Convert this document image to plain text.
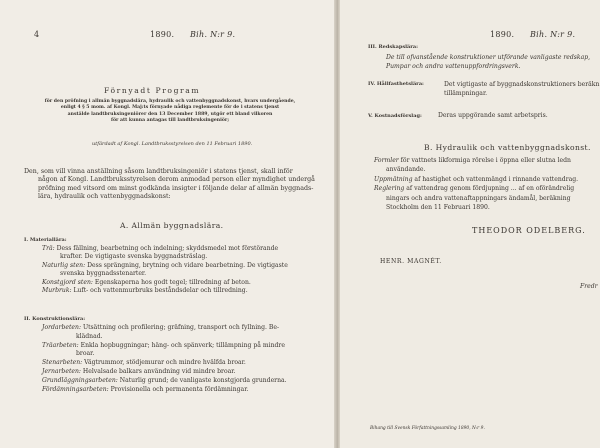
4	1890. Bih. N:r 9.
Förnyadt Program
för den pröfning i allmän byggnadslära, hydraulik och vattenbyggnadskonst, hvars undergående,
enligt 4 § 5 mom. af Kongl. Maj:ts förnyade nådiga reglemente för de i statens tjenst
anstälde landtbruksingeniörer den 13 December 1889, utgör ett bland vilkoren
för att kunna antagas till landtbruksingeniör;
utfärdadt af Kongl. Landtbruksstyrelsen den 11 Februari 1890.
Den, som vill vinna anställning såsom landtbruksingeniör i statens tjenst, skall inför
någon af Kongl. Landtbruksstyrelsen derom anmodad person eller myndighet undergå
pröfning med vitsord om minst godkända insigter i följande delar af allmän byggnads-
lära, hydraulik och vattenbyggnadskonst:
A. Allmän byggnadslära.
I. Materiallära:
Trä: Dess fällning, bearbetning och indelning; skyddsmedel mot förstörande
krafter. De vigtigaste svenska byggnadsträslag.
Naturlig sten: Dess sprängning, brytning och vidare bearbetning. De vigtigaste
svenska byggnadsstenarter.
Konstgjord sten: Egenskaperna hos godt tegel; tillredning af beton.
Murbruk: Luft- och vattenmurbruks beståndsdelar och tillredning.
II. Konstruktionslära:
Jordarbeten: Utsättning och profilering; gräfning, transport och fyllning. Be-
klädnad.
Träarbeten: Enkla hopbuggningar; häng- och spänverk; tillämpning på mindre
broar.
Stenarbeten: Vägtrummor, stödjemurar och mindre hvälfda broar.
Jernarbeten: Helvalsade balkars användning vid mindre broar.
Grundläggningsarbeten: Naturlig grund; de vanligaste konstgjorda grunderna.
Fördämningsarbeten: Provisionella och permanenta fördämningar.
1890. Bih. N:r 9.
III. Redskapslära:
De till ofvanstående konstruktioner utförande vanligaste redskap,
Pumpar och andra vattenuppfordringsverk.
IV. Hållfasthetslära:	Det vigtigaste af byggnadskonstruktioners beräkn
tillämpningar.
V. Kostnadsförslag:	Deras uppgörande samt arbetspris.
B. Hydraulik och vattenbyggnadskonst.
Formler för vattnets likformiga rörelse i öppna eller slutna ledn
användande.
Uppmätning af hastighet och vattenmängd i rinnande vattendrag.
Reglering af vattendrag genom fördjupning ... af en oförändrelig
ningars och andra vattenaftappningars ändamål, beräkning
Stockholm den 11 Februari 1890.
THEODOR ODELBERG.
HENR. MAGNÉT.
Fredr
Bihang till Svensk Författningssamling 1890, N:r 9.
